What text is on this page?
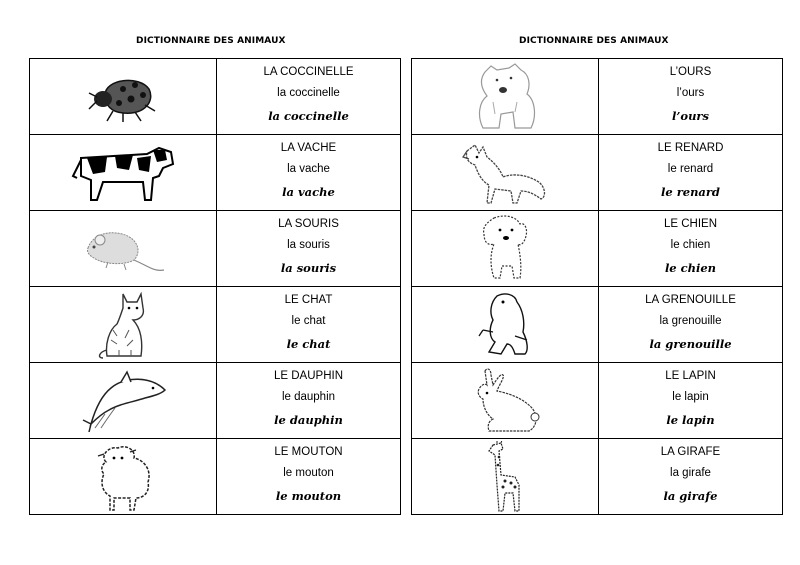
DICTIONNAIRE DES ANIMAUX	DICTIONNAIRE DES ANIMAUX

LA COCCINELLE
la coccinelle
la coccinelle

LA VACHE
la vache
la vache

LA SOURIS
la souris
la souris

LE CHAT
le chat
le chat

LE DAUPHIN
le dauphin
le dauphin

LE MOUTON
le mouton
le mouton

L’OURS
l’ours
l’ours

LE RENARD
le renard
le renard

LE CHIEN
le chien
le chien

LA GRENOUILLE
la grenouille
la grenouille

LE LAPIN
le lapin
le lapin

LA GIRAFE
la girafe
la girafe
